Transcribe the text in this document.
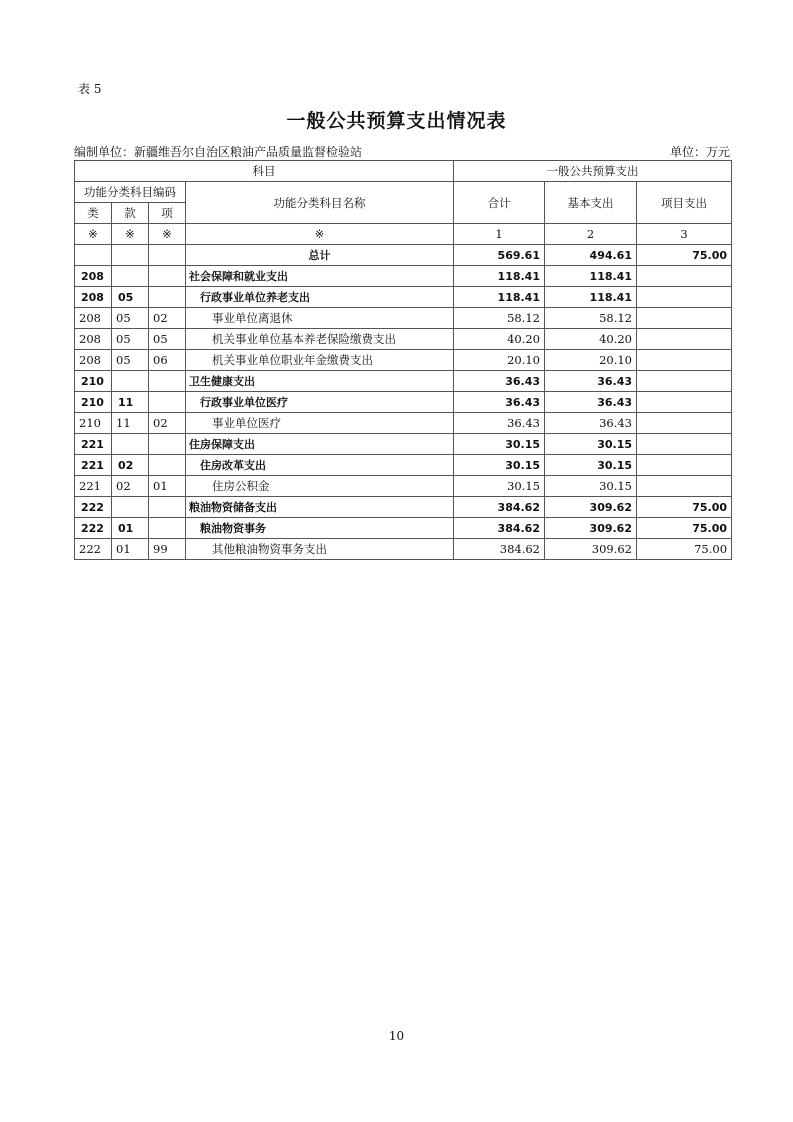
表 5
一般公共预算支出情况表
编制单位：新疆维吾尔自治区粮油产品质量监督检验站	单位：万元
科目				一般公共预算支出		
功能分类科目编码			功能分类科目名称	合计	基本支出	项目支出
类	款	项				
※	※	※	※	1	2	3
			总计	569.61	494.61	75.00
208			社会保障和就业支出	118.41	118.41	
208	05		行政事业单位养老支出	118.41	118.41	
208	05	02	事业单位离退休	58.12	58.12	
208	05	05	机关事业单位基本养老保险缴费支出	40.20	40.20	
208	05	06	机关事业单位职业年金缴费支出	20.10	20.10	
210			卫生健康支出	36.43	36.43	
210	11		行政事业单位医疗	36.43	36.43	
210	11	02	事业单位医疗	36.43	36.43	
221			住房保障支出	30.15	30.15	
221	02		住房改革支出	30.15	30.15	
221	02	01	住房公积金	30.15	30.15	
222			粮油物资储备支出	384.62	309.62	75.00
222	01		粮油物资事务	384.62	309.62	75.00
222	01	99	其他粮油物资事务支出	384.62	309.62	75.00
10
